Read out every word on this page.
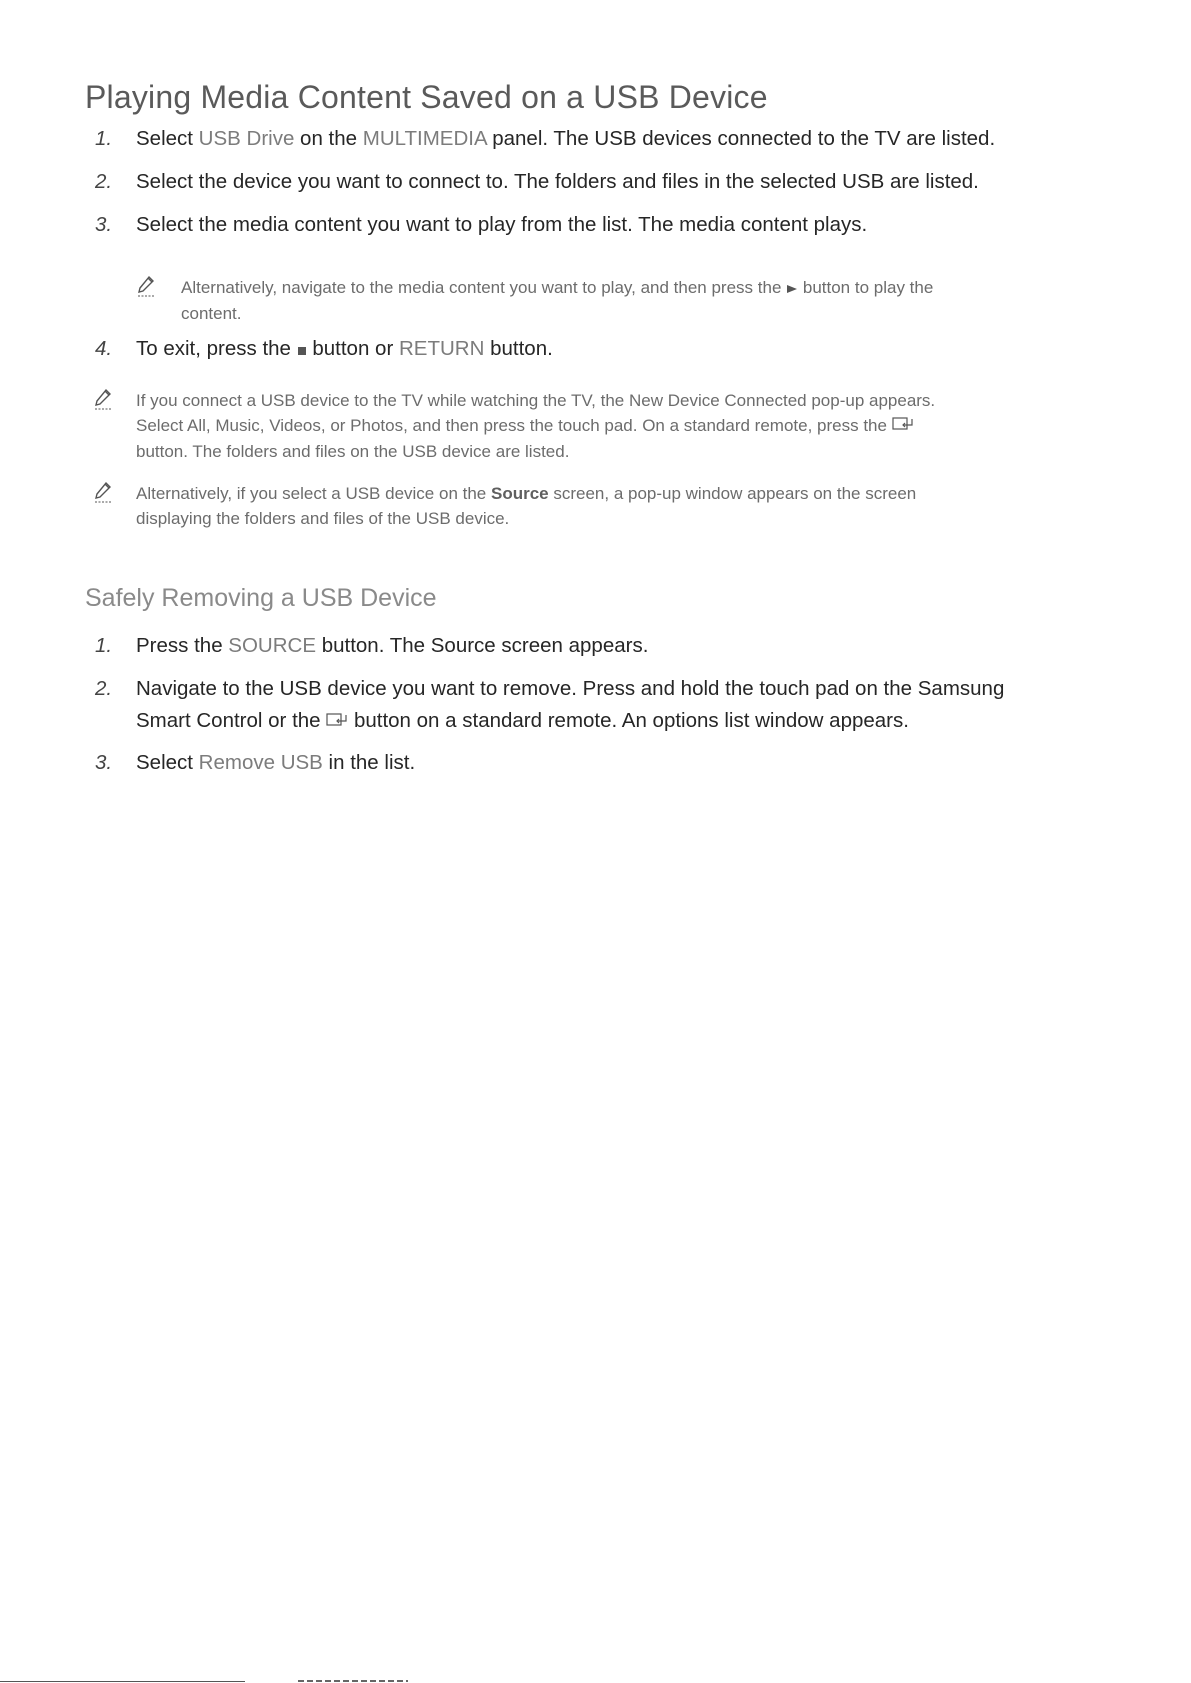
Playing Media Content Saved on a USB Device
1. Select USB Drive on the MULTIMEDIA panel. The USB devices connected to the TV are listed.
2. Select the device you want to connect to. The folders and files in the selected USB are listed.
3. Select the media content you want to play from the list. The media content plays.
Alternatively, navigate to the media content you want to play, and then press the  button to play the
content.
4. To exit, press the  button or RETURN button.
If you connect a USB device to the TV while watching the TV, the New Device Connected pop-up appears.
Select All, Music, Videos, or Photos, and then press the touch pad. On a standard remote, press the
button. The folders and files on the USB device are listed.
Alternatively, if you select a USB device on the Source screen, a pop-up window appears on the screen
displaying the folders and files of the USB device.
Safely Removing a USB Device
1. Press the SOURCE button. The Source screen appears.
2. Navigate to the USB device you want to remove. Press and hold the touch pad on the Samsung
Smart Control or the  button on a standard remote. An options list window appears.
3. Select Remove USB in the list.
